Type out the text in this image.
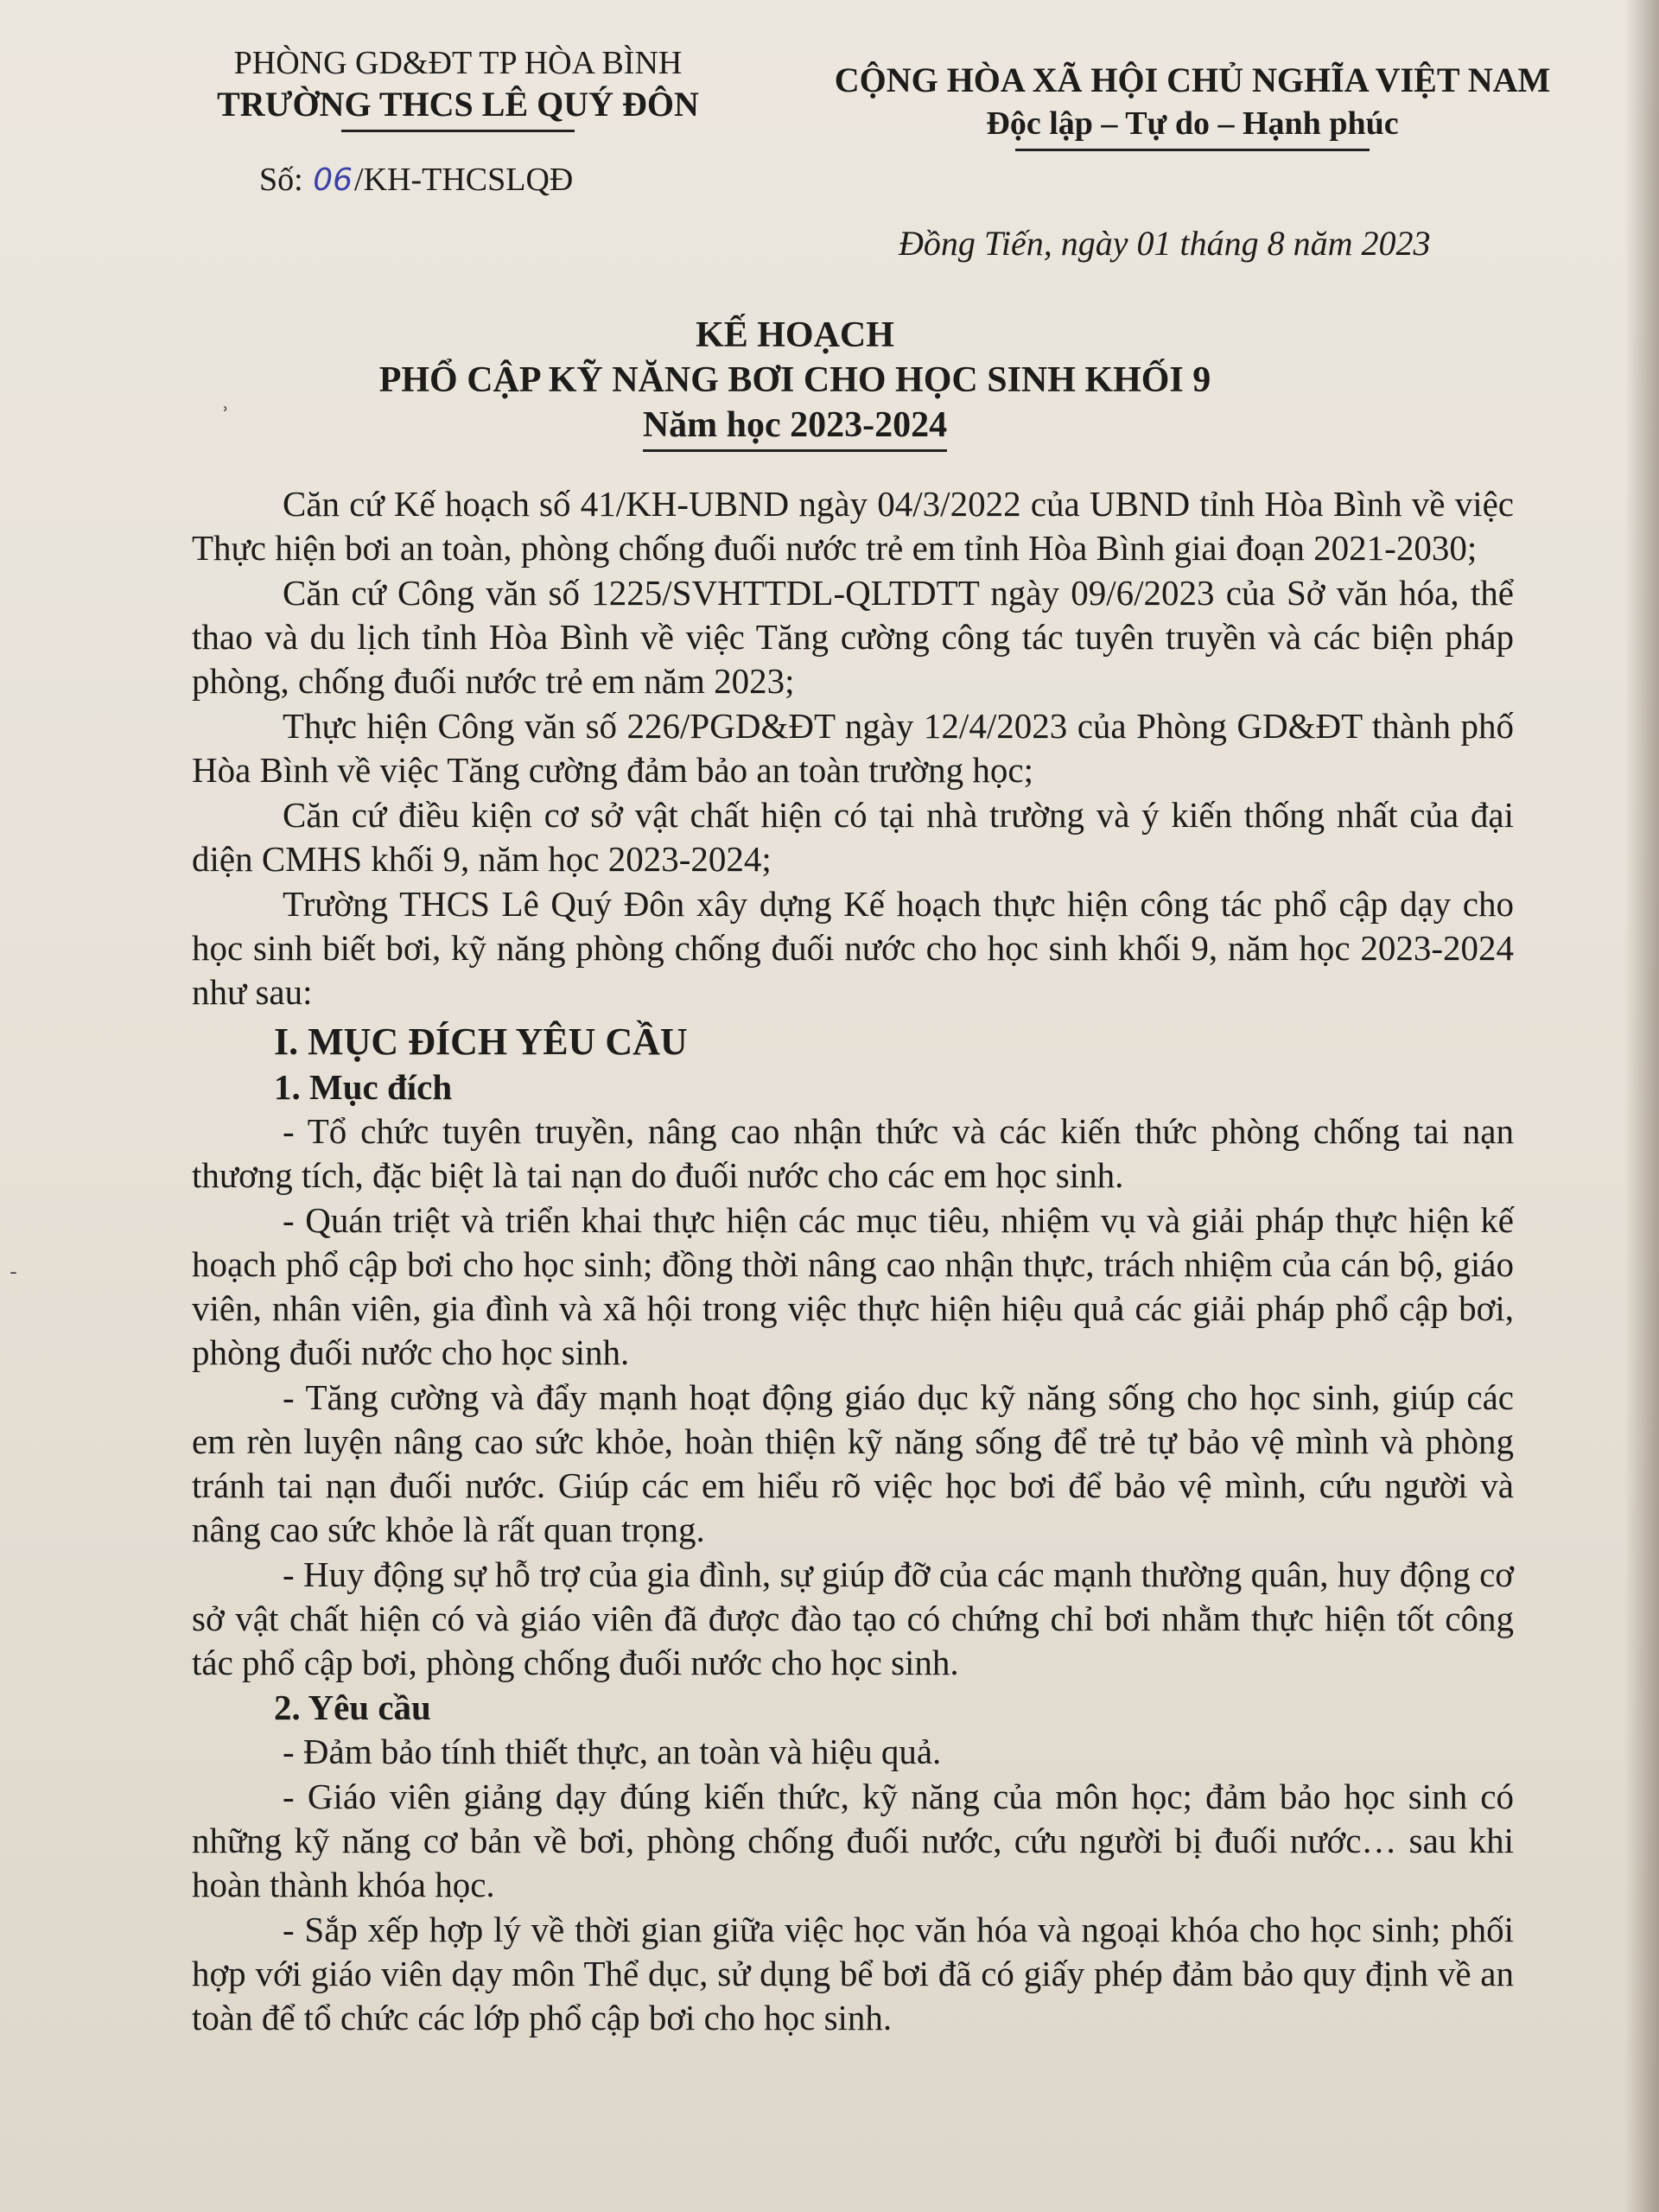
PHÒNG GD&ĐT TP HÒA BÌNH
TRƯỜNG THCS LÊ QUÝ ĐÔN
CỘNG HÒA XÃ HỘI CHỦ NGHĨA VIỆT NAM
Độc lập – Tự do – Hạnh phúc
Số: 06/KH-THCSLQĐ
Đồng Tiến, ngày 01 tháng 8 năm 2023
KẾ HOẠCH
PHỔ CẬP KỸ NĂNG BƠI CHO HỌC SINH KHỐI 9
Năm học 2023-2024

Căn cứ Kế hoạch số 41/KH-UBND ngày 04/3/2022 của UBND tỉnh Hòa Bình về việc Thực hiện bơi an toàn, phòng chống đuối nước trẻ em tỉnh Hòa Bình giai đoạn 2021-2030;

Căn cứ Công văn số 1225/SVHTTDL-QLTDTT ngày 09/6/2023 của Sở văn hóa, thể thao và du lịch tỉnh Hòa Bình về việc Tăng cường công tác tuyên truyền và các biện pháp phòng, chống đuối nước trẻ em năm 2023;

Thực hiện Công văn số 226/PGD&ĐT ngày 12/4/2023 của Phòng GD&ĐT thành phố Hòa Bình về việc Tăng cường đảm bảo an toàn trường học;

Căn cứ điều kiện cơ sở vật chất hiện có tại nhà trường và ý kiến thống nhất của đại diện CMHS khối 9, năm học 2023-2024;

Trường THCS Lê Quý Đôn xây dựng Kế hoạch thực hiện công tác phổ cập dạy cho học sinh biết bơi, kỹ năng phòng chống đuối nước cho học sinh khối 9, năm học 2023-2024 như sau:

I. MỤC ĐÍCH YÊU CẦU
1. Mục đích

- Tổ chức tuyên truyền, nâng cao nhận thức và các kiến thức phòng chống tai nạn thương tích, đặc biệt là tai nạn do đuối nước cho các em học sinh.

- Quán triệt và triển khai thực hiện các mục tiêu, nhiệm vụ và giải pháp thực hiện kế hoạch phổ cập bơi cho học sinh; đồng thời nâng cao nhận thực, trách nhiệm của cán bộ, giáo viên, nhân viên, gia đình và xã hội trong việc thực hiện hiệu quả các giải pháp phổ cập bơi, phòng đuối nước cho học sinh.

- Tăng cường và đẩy mạnh hoạt động giáo dục kỹ năng sống cho học sinh, giúp các em rèn luyện nâng cao sức khỏe, hoàn thiện kỹ năng sống để trẻ tự bảo vệ mình và phòng tránh tai nạn đuối nước. Giúp các em hiểu rõ việc học bơi để bảo vệ mình, cứu người và nâng cao sức khỏe là rất quan trọng.

- Huy động sự hỗ trợ của gia đình, sự giúp đỡ của các mạnh thường quân, huy động cơ sở vật chất hiện có và giáo viên đã được đào tạo có chứng chỉ bơi nhằm thực hiện tốt công tác phổ cập bơi, phòng chống đuối nước cho học sinh.

2. Yêu cầu

- Đảm bảo tính thiết thực, an toàn và hiệu quả.

- Giáo viên giảng dạy đúng kiến thức, kỹ năng của môn học; đảm bảo học sinh có những kỹ năng cơ bản về bơi, phòng chống đuối nước, cứu người bị đuối nước… sau khi hoàn thành khóa học.

- Sắp xếp hợp lý về thời gian giữa việc học văn hóa và ngoại khóa cho học sinh; phối hợp với giáo viên dạy môn Thể dục, sử dụng bể bơi đã có giấy phép đảm bảo quy định về an toàn để tổ chức các lớp phổ cập bơi cho học sinh.

ʾ
ˉ
